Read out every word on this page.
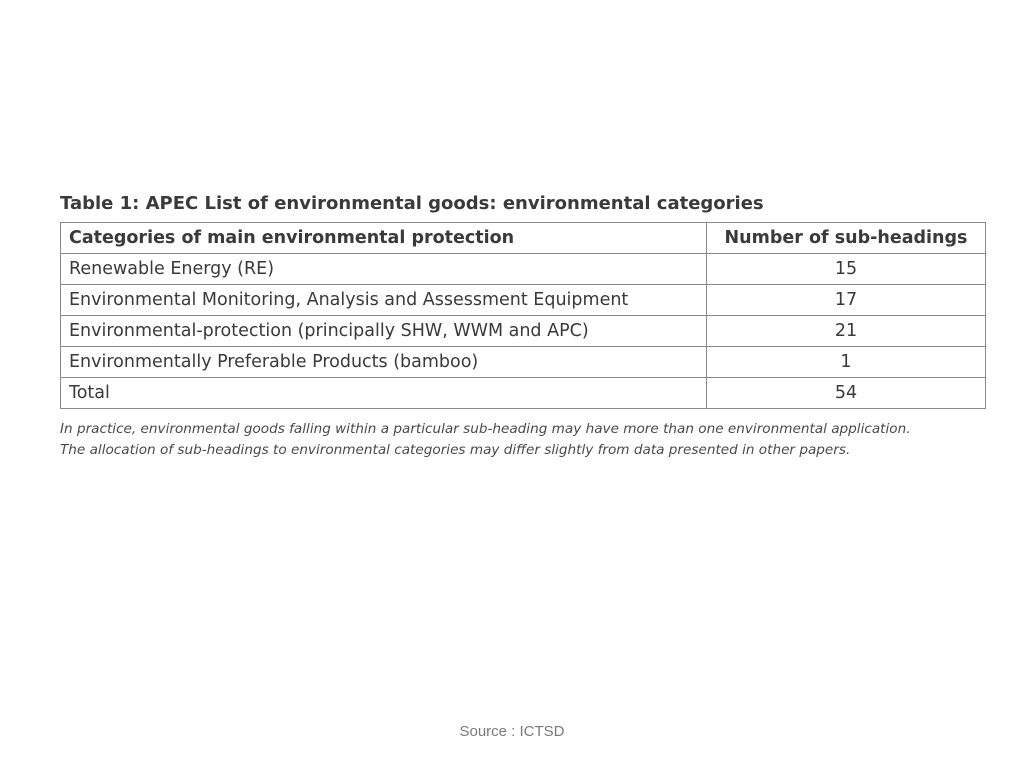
Table 1: APEC List of environmental goods: environmental categories
Categories of main environmental protection	Number of sub-headings
Renewable Energy (RE)	15
Environmental Monitoring, Analysis and Assessment Equipment	17
Environmental-protection (principally SHW, WWM and APC)	21
Environmentally Preferable Products (bamboo)	1
Total	54
In practice, environmental goods falling within a particular sub-heading may have more than one environmental application.
The allocation of sub-headings to environmental categories may differ slightly from data presented in other papers.
Source : ICTSD
